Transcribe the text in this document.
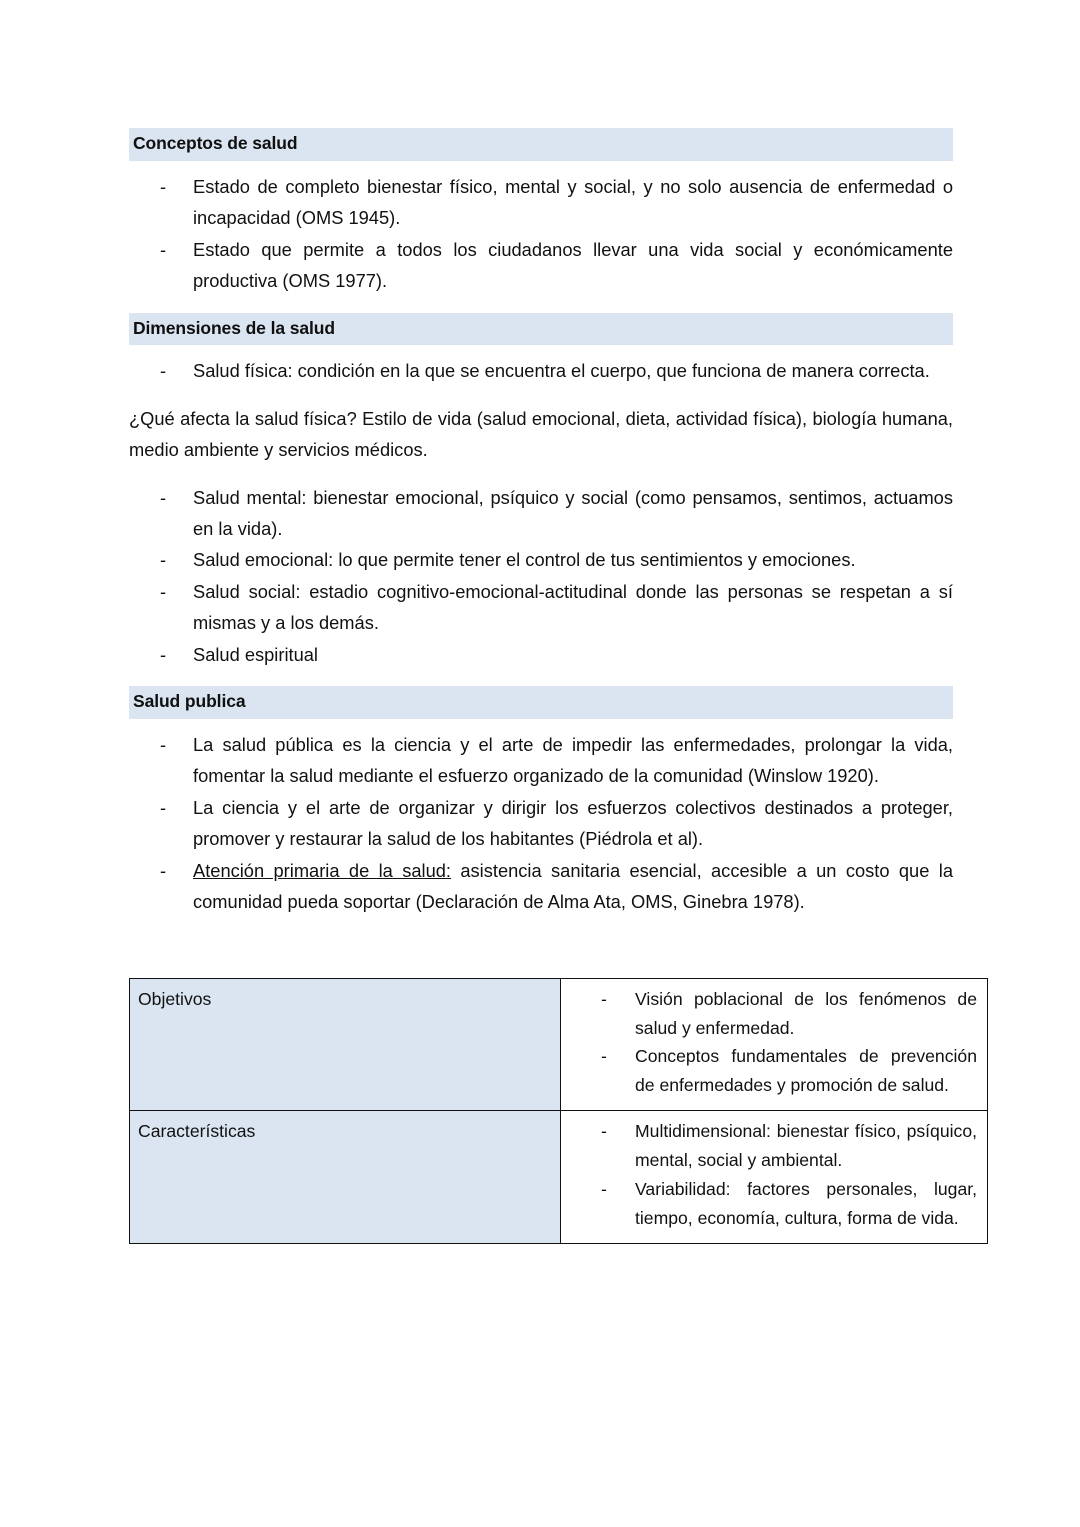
Conceptos de salud
- Estado de completo bienestar físico, mental y social, y no solo ausencia de enfermedad o incapacidad (OMS 1945).
- Estado que permite a todos los ciudadanos llevar una vida social y económicamente productiva (OMS 1977).
Dimensiones de la salud
- Salud física: condición en la que se encuentra el cuerpo, que funciona de manera correcta.

¿Qué afecta la salud física? Estilo de vida (salud emocional, dieta, actividad física), biología humana, medio ambiente y servicios médicos.

- Salud mental: bienestar emocional, psíquico y social (como pensamos, sentimos, actuamos en la vida).
- Salud emocional: lo que permite tener el control de tus sentimientos y emociones.
- Salud social: estadio cognitivo-emocional-actitudinal donde las personas se respetan a sí mismas y a los demás.
- Salud espiritual
Salud publica
- La salud pública es la ciencia y el arte de impedir las enfermedades, prolongar la vida, fomentar la salud mediante el esfuerzo organizado de la comunidad (Winslow 1920).
- La ciencia y el arte de organizar y dirigir los esfuerzos colectivos destinados a proteger, promover y restaurar la salud de los habitantes (Piédrola et al).
- Atención primaria de la salud: asistencia sanitaria esencial, accesible a un costo que la comunidad pueda soportar (Declaración de Alma Ata, OMS, Ginebra 1978).
Objetivos	- Visión poblacional de los fenómenos de salud y enfermedad.
- Conceptos fundamentales de prevención de enfermedades y promoción de salud.

Características	- Multidimensional: bienestar físico, psíquico, mental, social y ambiental.
- Variabilidad: factores personales, lugar, tiempo, economía, cultura, forma de vida.
